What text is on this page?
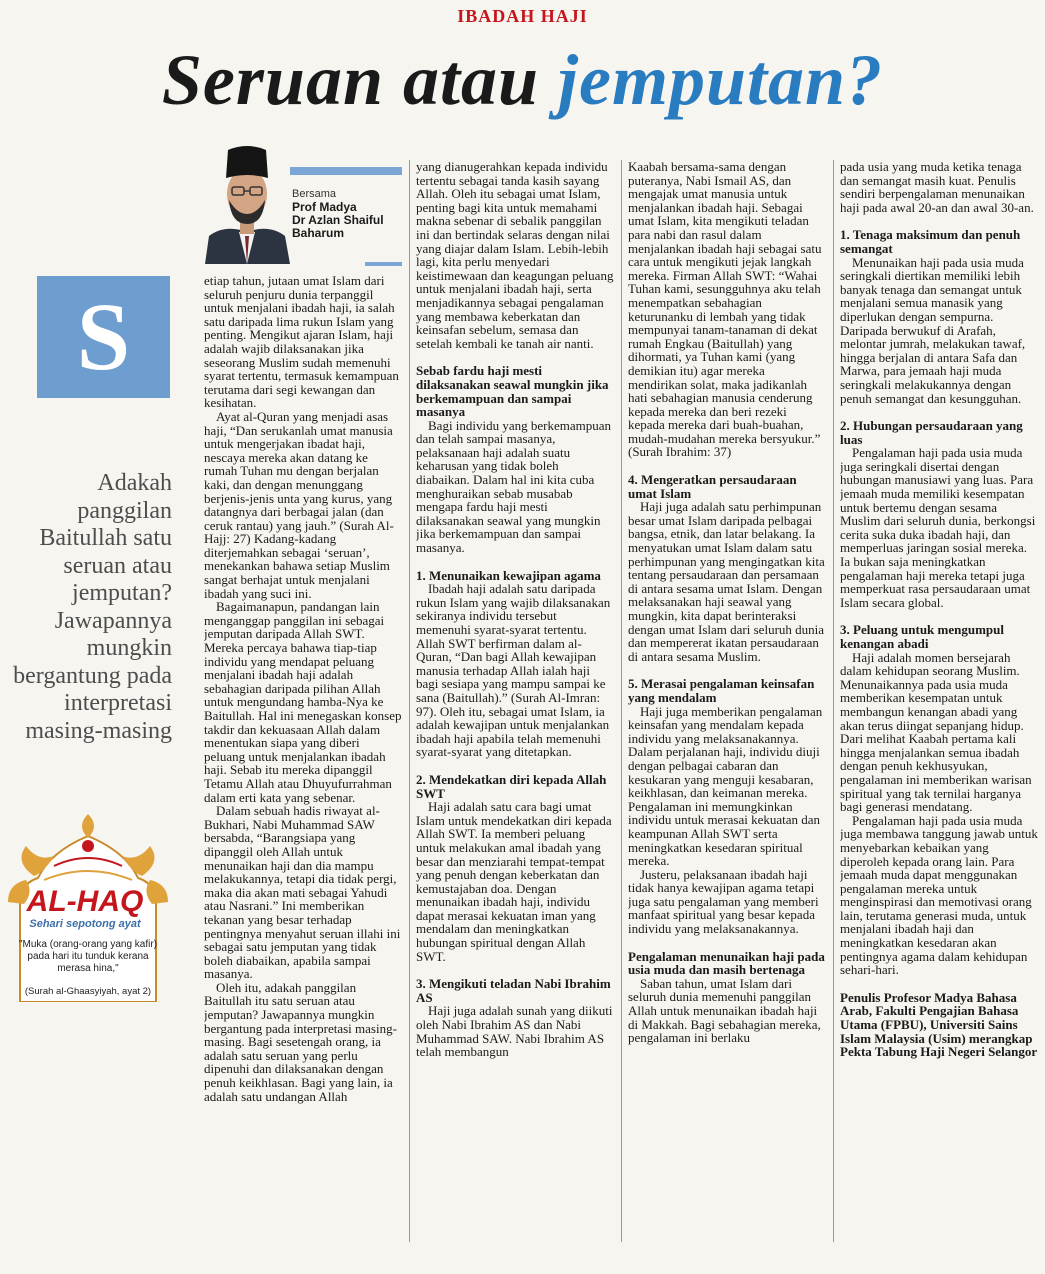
IBADAH HAJI
Seruan atau jemputan?
Bersama
Prof Madya
Dr Azlan Shaiful
Baharum
S
Adakah panggilan Baitullah satu seruan atau jemputan? Jawapannya mungkin bergantung pada interpretasi masing-masing
AL-HAQ
Sehari sepotong ayat
"Muka (orang-orang yang kafir) pada hari itu tunduk kerana merasa hina,"
(Surah al-Ghaasyiyah, ayat 2)

etiap tahun, jutaan umat Islam dari seluruh penjuru dunia terpanggil untuk menjalani ibadah haji, ia salah satu daripada lima rukun Islam yang penting. Mengikut ajaran Islam, haji adalah wajib dilaksanakan jika seseorang Muslim sudah memenuhi syarat tertentu, termasuk kemampuan terutama dari segi kewangan dan kesihatan.

Ayat al-Quran yang menjadi asas haji, “Dan serukanlah umat manusia untuk mengerjakan ibadat haji, nescaya mereka akan datang ke rumah Tuhan mu dengan berjalan kaki, dan dengan menunggang berjenis-jenis unta yang kurus, yang datangnya dari berbagai jalan (dan ceruk rantau) yang jauh.” (Surah Al-Hajj: 27) Kadang-kadang diterjemahkan sebagai ‘seruan’, menekankan bahawa setiap Muslim sangat berhajat untuk menjalani ibadah yang suci ini.

Bagaimanapun, pandangan lain menganggap panggilan ini sebagai jemputan daripada Allah SWT. Mereka percaya bahawa tiap-tiap individu yang mendapat peluang menjalani ibadah haji adalah sebahagian daripada pilihan Allah untuk mengundang hamba-Nya ke Baitullah. Hal ini menegaskan konsep takdir dan kekuasaan Allah dalam menentukan siapa yang diberi peluang untuk menjalankan ibadah haji. Sebab itu mereka dipanggil Tetamu Allah atau Dhuyufurrahman dalam erti kata yang sebenar.

Dalam sebuah hadis riwayat al-Bukhari, Nabi Muhammad SAW bersabda, “Barangsiapa yang dipanggil oleh Allah untuk menunaikan haji dan dia mampu melakukannya, tetapi dia tidak pergi, maka dia akan mati sebagai Yahudi atau Nasrani.” Ini memberikan tekanan yang besar terhadap pentingnya menyahut seruan illahi ini sebagai satu jemputan yang tidak boleh diabaikan, apabila sampai masanya.

Oleh itu, adakah panggilan Baitullah itu satu seruan atau jemputan? Jawapannya mungkin bergantung pada interpretasi masing-masing. Bagi sesetengah orang, ia adalah satu seruan yang perlu dipenuhi dan dilaksanakan dengan penuh keikhlasan. Bagi yang lain, ia adalah satu undangan Allah

yang dianugerahkan kepada individu tertentu sebagai tanda kasih sayang Allah. Oleh itu sebagai umat Islam, penting bagi kita untuk memahami makna sebenar di sebalik panggilan ini dan bertindak selaras dengan nilai yang diajar dalam Islam. Lebih-lebih lagi, kita perlu menyedari keistimewaan dan keagungan peluang untuk menjalani ibadah haji, serta menjadikannya sebagai pengalaman yang membawa keberkatan dan keinsafan sebelum, semasa dan setelah kembali ke tanah air nanti.

Sebab fardu haji mesti dilaksanakan seawal mungkin jika berkemampuan dan sampai masanya

Bagi individu yang berkemampuan dan telah sampai masanya, pelaksanaan haji adalah suatu keharusan yang tidak boleh diabaikan. Dalam hal ini kita cuba menghuraikan sebab musabab mengapa fardu haji mesti dilaksanakan seawal yang mungkin jika berkemampuan dan sampai masanya.

1. Menunaikan kewajipan agama

Ibadah haji adalah satu daripada rukun Islam yang wajib dilaksanakan sekiranya individu tersebut memenuhi syarat-syarat tertentu. Allah SWT berfirman dalam al-Quran, “Dan bagi Allah kewajipan manusia terhadap Allah ialah haji bagi sesiapa yang mampu sampai ke sana (Baitullah).” (Surah Al-Imran: 97). Oleh itu, sebagai umat Islam, ia adalah kewajipan untuk menjalankan ibadah haji apabila telah memenuhi syarat-syarat yang ditetapkan.

2. Mendekatkan diri kepada Allah SWT

Haji adalah satu cara bagi umat Islam untuk mendekatkan diri kepada Allah SWT. Ia memberi peluang untuk melakukan amal ibadah yang besar dan menziarahi tempat-tempat yang penuh dengan keberkatan dan kemustajaban doa. Dengan menunaikan ibadah haji, individu dapat merasai kekuatan iman yang mendalam dan meningkatkan hubungan spiritual dengan Allah SWT.

3. Mengikuti teladan Nabi Ibrahim AS

Haji juga adalah sunah yang diikuti oleh Nabi Ibrahim AS dan Nabi Muhammad SAW. Nabi Ibrahim AS telah membangun

Kaabah bersama-sama dengan puteranya, Nabi Ismail AS, dan mengajak umat manusia untuk menjalankan ibadah haji. Sebagai umat Islam, kita mengikuti teladan para nabi dan rasul dalam menjalankan ibadah haji sebagai satu cara untuk mengikuti jejak langkah mereka. Firman Allah SWT: “Wahai Tuhan kami, sesungguhnya aku telah menempatkan sebahagian keturunanku di lembah yang tidak mempunyai tanam-tanaman di dekat rumah Engkau (Baitullah) yang dihormati, ya Tuhan kami (yang demikian itu) agar mereka mendirikan solat, maka jadikanlah hati sebahagian manusia cenderung kepada mereka dan beri rezeki kepada mereka dari buah-buahan, mudah-mudahan mereka bersyukur.” (Surah Ibrahim: 37)

4. Mengeratkan persaudaraan umat Islam

Haji juga adalah satu perhimpunan besar umat Islam daripada pelbagai bangsa, etnik, dan latar belakang. Ia menyatukan umat Islam dalam satu perhimpunan yang mengingatkan kita tentang persaudaraan dan persamaan di antara sesama umat Islam. Dengan melaksanakan haji seawal yang mungkin, kita dapat berinteraksi dengan umat Islam dari seluruh dunia dan mempererat ikatan persaudaraan di antara sesama Muslim.

5. Merasai pengalaman keinsafan yang mendalam

Haji juga memberikan pengalaman keinsafan yang mendalam kepada individu yang melaksanakannya. Dalam perjalanan haji, individu diuji dengan pelbagai cabaran dan kesukaran yang menguji kesabaran, keikhlasan, dan keimanan mereka. Pengalaman ini memungkinkan individu untuk merasai kekuatan dan keampunan Allah SWT serta meningkatkan kesedaran spiritual mereka.

Justeru, pelaksanaan ibadah haji tidak hanya kewajipan agama tetapi juga satu pengalaman yang memberi manfaat spiritual yang besar kepada individu yang melaksanakannya.

Pengalaman menunaikan haji pada usia muda dan masih bertenaga

Saban tahun, umat Islam dari seluruh dunia memenuhi panggilan Allah untuk menunaikan ibadah haji di Makkah. Bagi sebahagian mereka, pengalaman ini berlaku

pada usia yang muda ketika tenaga dan semangat masih kuat. Penulis sendiri berpengalaman menunaikan haji pada awal 20-an dan awal 30-an.

1. Tenaga maksimum dan penuh semangat

Menunaikan haji pada usia muda seringkali diertikan memiliki lebih banyak tenaga dan semangat untuk menjalani semua manasik yang diperlukan dengan sempurna. Daripada berwukuf di Arafah, melontar jumrah, melakukan tawaf, hingga berjalan di antara Safa dan Marwa, para jemaah haji muda seringkali melakukannya dengan penuh semangat dan kesungguhan.

2. Hubungan persaudaraan yang luas

Pengalaman haji pada usia muda juga seringkali disertai dengan hubungan manusiawi yang luas. Para jemaah muda memiliki kesempatan untuk bertemu dengan sesama Muslim dari seluruh dunia, berkongsi cerita suka duka ibadah haji, dan memperluas jaringan sosial mereka. Ia bukan saja meningkatkan pengalaman haji mereka tetapi juga memperkuat rasa persaudaraan umat Islam secara global.

3. Peluang untuk mengumpul kenangan abadi

Haji adalah momen bersejarah dalam kehidupan seorang Muslim. Menunaikannya pada usia muda memberikan kesempatan untuk membangun kenangan abadi yang akan terus diingat sepanjang hidup. Dari melihat Kaabah pertama kali hingga menjalankan semua ibadah dengan penuh kekhusyukan, pengalaman ini memberikan warisan spiritual yang tak ternilai harganya bagi generasi mendatang.

Pengalaman haji pada usia muda juga membawa tanggung jawab untuk menyebarkan kebaikan yang diperoleh kepada orang lain. Para jemaah muda dapat menggunakan pengalaman mereka untuk menginspirasi dan memotivasi orang lain, terutama generasi muda, untuk menjalani ibadah haji dan meningkatkan kesedaran akan pentingnya agama dalam kehidupan sehari-hari.

Penulis Profesor Madya Bahasa Arab, Fakulti Pengajian Bahasa Utama (FPBU), Universiti Sains Islam Malaysia (Usim) merangkap Pekta Tabung Haji Negeri Selangor
